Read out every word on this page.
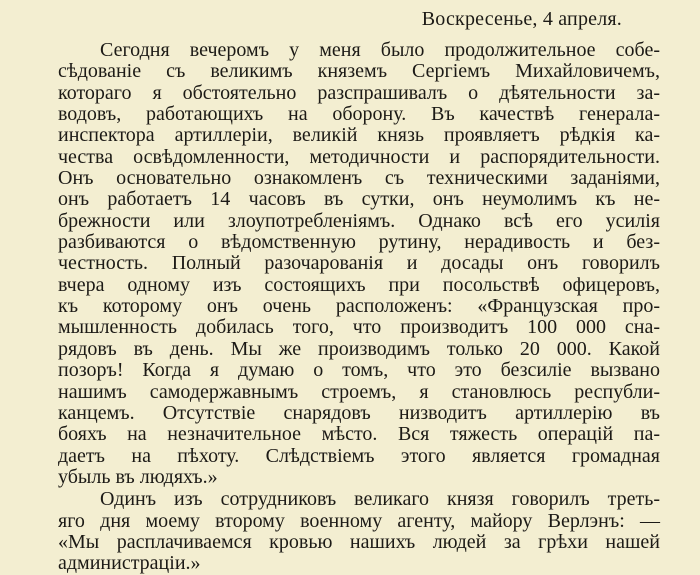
Воскресенье, 4 апреля.

Сегодня вечеромъ у меня было продолжительное собе-
сѣдованіе съ великимъ княземъ Сергіемъ Михайловичемъ,
котораго я обстоятельно разспрашивалъ о дѣятельности за-
водовъ, работающихъ на оборону. Въ качествѣ генерала-
инспектора артиллеріи, великій князь проявляетъ рѣдкія ка-
чества освѣдомленности, методичности и распорядительности.
Онъ основательно ознакомленъ съ техническими заданіями,
онъ работаетъ 14 часовъ въ сутки, онъ неумолимъ къ не-
брежности или злоупотребленіямъ. Однако всѣ его усилія
разбиваются о вѣдомственную рутину, нерадивость и без-
честность. Полный разочарованія и досады онъ говорилъ
вчера одному изъ состоящихъ при посольствѣ офицеровъ,
къ которому онъ очень расположенъ: «Французская про-
мышленность добилась того, что производитъ 100 000 сна-
рядовъ въ день. Мы же производимъ только 20 000. Какой
позоръ! Когда я думаю о томъ, что это безсиліе вызвано
нашимъ самодержавнымъ строемъ, я становлюсь республи-
канцемъ. Отсутствіе снарядовъ низводитъ артиллерію въ
бояхъ на незначительное мѣсто. Вся тяжесть операцій па-
даетъ на пѣхоту. Слѣдствіемъ этого является громадная
убыль въ людяхъ.»

Одинъ изъ сотрудниковъ великаго князя говорилъ треть-
яго дня моему второму военному агенту, майору Верлэнъ: —
«Мы расплачиваемся кровью нашихъ людей за грѣхи нашей
администраціи.»
